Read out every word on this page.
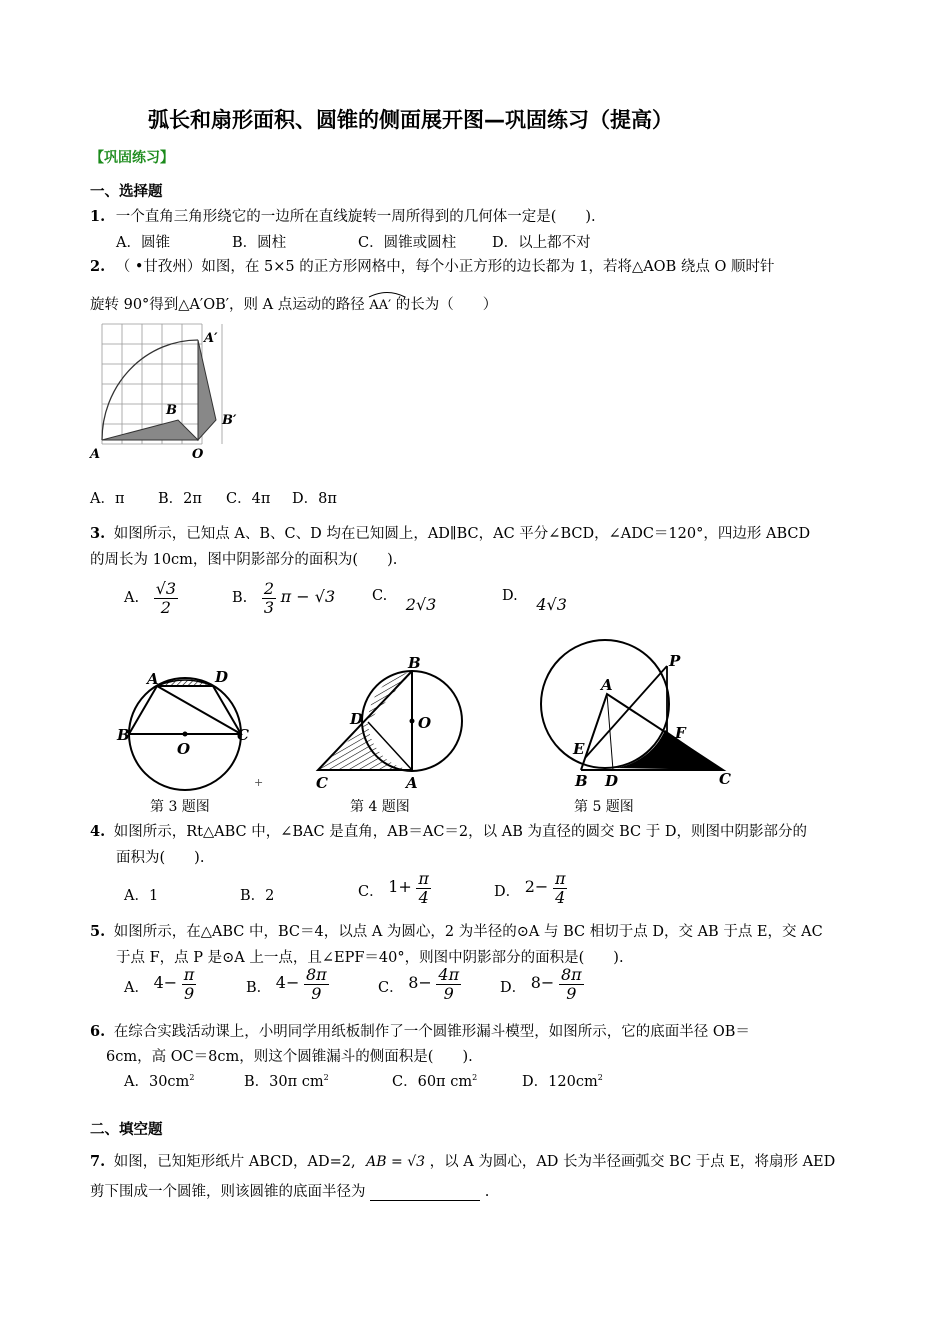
弧长和扇形面积、圆锥的侧面展开图—巩固练习（提高）
【巩固练习】
一、选择题
1. 一个直角三角形绕它的一边所在直线旋转一周所得到的几何体一定是(　　).
A．圆锥	B．圆柱	C．圆锥或圆柱 D．以上都不对
2. （ •甘孜州）如图，在 5×5 的正方形网格中，每个小正方形的边长都为 1，若将△AOB 绕点 O 顺时针
旋转 90°得到△A′OB′，则 A 点运动的路径 AA′ 的长为（　　）
A	O
B
A′
B′
A．π B．2π C．4π D．8π
3. 如图所示，已知点 A、B、C、D 均在已知圆上，AD∥BC，AC 平分∠BCD，∠ADC＝120°，四边形 ABCD
的周长为 10cm，图中阴影部分的面积为(　　).
A. $\frac{√3}{2}$	B. $\frac{2}{3}$ π − √3	C. 2√3	D. 4√3
A	D
B
O
C
+
B
D	O
C	A
A
P
F
E
B D	C
第 3 题图	第 4 题图	第 5 题图
4. 如图所示，Rt△ABC 中，∠BAC 是直角，AB＝AC＝2，以 AB 为直径的圆交 BC 于 D，则图中阴影部分的
面积为(　　).
A．1	B．2	C． $1+ \frac{\pi}{4}$	D． $2- \frac{\pi}{4}$
5. 如图所示，在△ABC 中，BC＝4，以点 A 为圆心，2 为半径的⊙A 与 BC 相切于点 D，交 AB 于点 E，交 AC
于点 F，点 P 是⊙A 上一点，且∠EPF＝40°，则图中阴影部分的面积是(　　).
A． $4- \frac{\pi}{9}$	B． $4- \frac{8\pi}{9}$	C． $8- \frac{4\pi}{9}$	D． $8- \frac{8\pi}{9}$
6. 在综合实践活动课上，小明同学用纸板制作了一个圆锥形漏斗模型，如图所示，它的底面半径 OB＝
6cm，高 OC＝8cm，则这个圆锥漏斗的侧面积是(　　).
A．$30cm^2$	B．30π $cm^2$	C．60π $cm^2$	D．$120cm^2$
二、填空题
7. 如图，已知矩形纸片 ABCD，AD=2, AB = √3 ，以 A 为圆心，AD 长为半径画弧交 BC 于点 E，将扇形 AED
剪下围成一个圆锥，则该圆锥的底面半径为	.
